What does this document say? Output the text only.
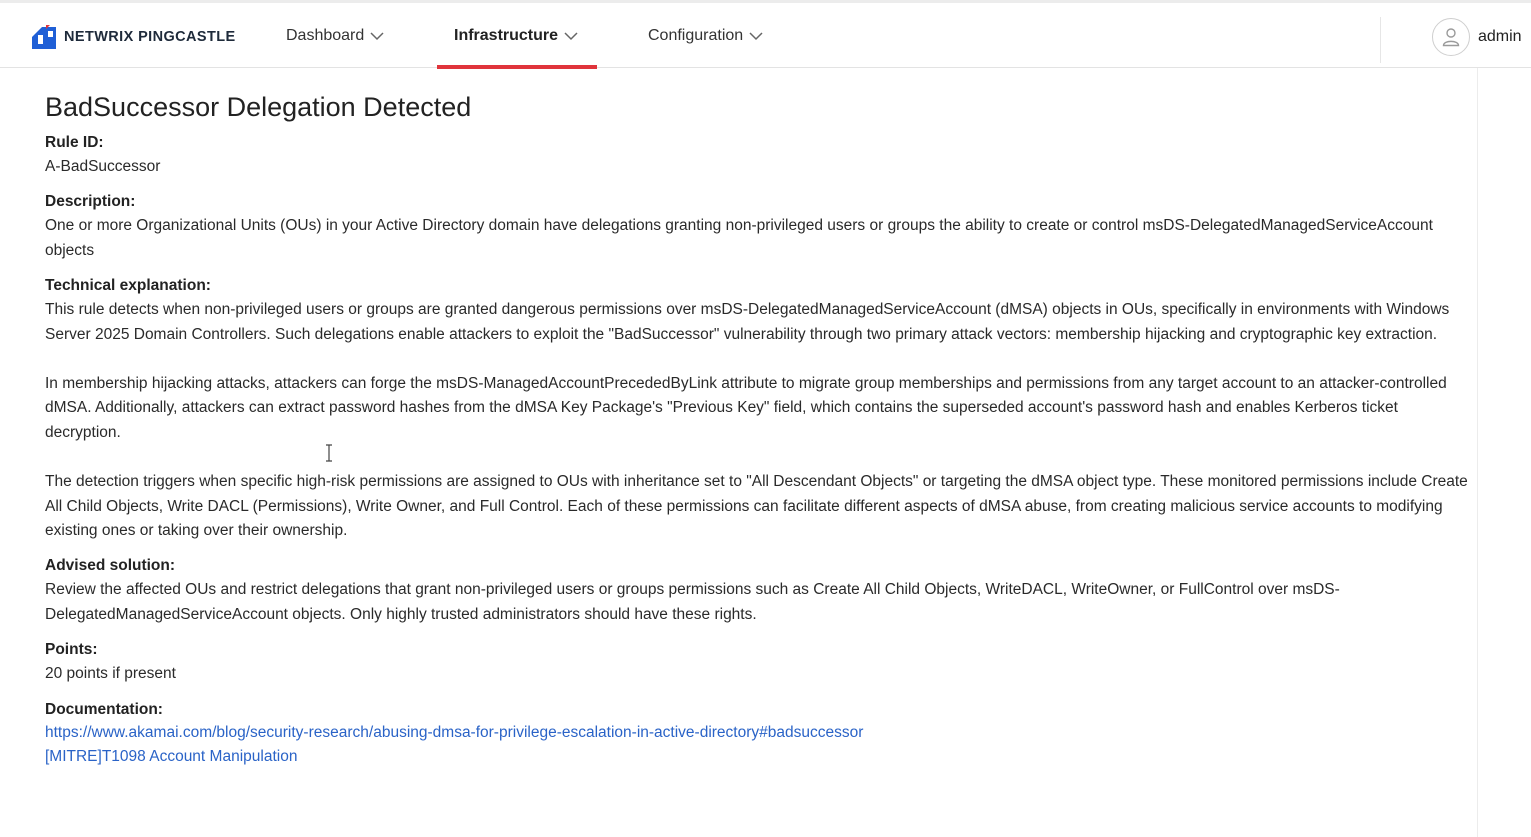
NETWRIX PINGCASTLE	Dashboard	Infrastructure	Configuration	admin
BadSuccessor Delegation Detected
Rule ID:
A-BadSuccessor
Description:
One or more Organizational Units (OUs) in your Active Directory domain have delegations granting non-privileged users or groups the ability to create or control msDS-DelegatedManagedServiceAccount objects
Technical explanation:
This rule detects when non-privileged users or groups are granted dangerous permissions over msDS-DelegatedManagedServiceAccount (dMSA) objects in OUs, specifically in environments with Windows Server 2025 Domain Controllers. Such delegations enable attackers to exploit the "BadSuccessor" vulnerability through two primary attack vectors: membership hijacking and cryptographic key extraction.
In membership hijacking attacks, attackers can forge the msDS-ManagedAccountPrecededByLink attribute to migrate group memberships and permissions from any target account to an attacker-controlled dMSA. Additionally, attackers can extract password hashes from the dMSA Key Package's "Previous Key" field, which contains the superseded account's password hash and enables Kerberos ticket decryption.
The detection triggers when specific high-risk permissions are assigned to OUs with inheritance set to "All Descendant Objects" or targeting the dMSA object type. These monitored permissions include Create All Child Objects, Write DACL (Permissions), Write Owner, and Full Control. Each of these permissions can facilitate different aspects of dMSA abuse, from creating malicious service accounts to modifying existing ones or taking over their ownership.
Advised solution:
Review the affected OUs and restrict delegations that grant non-privileged users or groups permissions such as Create All Child Objects, WriteDACL, WriteOwner, or FullControl over msDS-DelegatedManagedServiceAccount objects. Only highly trusted administrators should have these rights.
Points:
20 points if present
Documentation:
https://www.akamai.com/blog/security-research/abusing-dmsa-for-privilege-escalation-in-active-directory#badsuccessor
[MITRE]T1098 Account Manipulation
